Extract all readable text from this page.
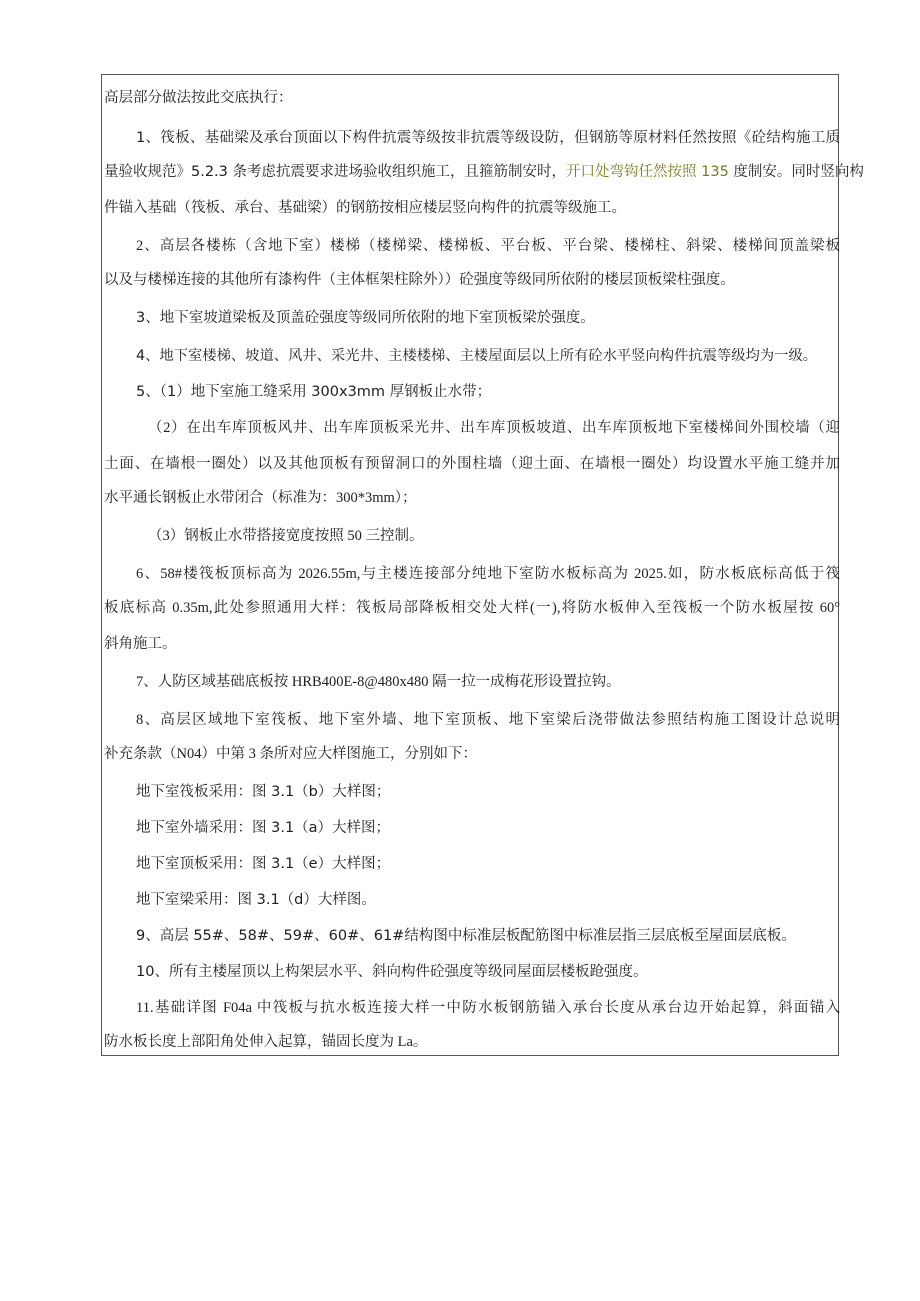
高层部分做法按此交底执行：
1、筏板、基础梁及承台顶面以下构件抗震等级按非抗震等级设防，但钢筋等原材料任然按照《砼结构施工质
量验收规范》5.2.3 条考虑抗震要求进场验收组织施工，且箍筋制安时，开口处弯钩任然按照 135 度制安。同时竖向构
件锚入基础（筏板、承台、基础梁）的钢筋按相应楼层竖向构件的抗震等级施工。
2、高层各楼栋（含地下室）楼梯（楼梯梁、楼梯板、平台板、平台梁、楼梯柱、斜梁、楼梯间顶盖梁板
以及与楼梯连接的其他所有漆构件（主体框架柱除外））砼强度等级同所依附的楼层顶板梁柱强度。
3、地下室坡道梁板及顶盖砼强度等级同所依附的地下室顶板梁於强度。
4、地下室楼梯、坡道、风井、采光井、主楼楼梯、主楼屋面层以上所有砼水平竖向构件抗震等级均为一级。
5、（1）地下室施工缝采用 300x3mm 厚钢板止水带；
（2）在出车库顶板风井、出车库顶板采光井、出车库顶板坡道、出车库顶板地下室楼梯间外围校墙（迎
土面、在墙根一圈处）以及其他顶板有预留洞口的外围柱墙（迎土面、在墙根一圈处）均设置水平施工缝并加
水平通长钢板止水带闭合（标准为：300*3mm）；
（3）钢板止水带搭接宽度按照 50 三控制。
6、58#楼筏板顶标高为 2026.55m,与主楼连接部分纯地下室防水板标高为 2025.如，防水板底标高低于筏
板底标高 0.35m,此处参照通用大样：筏板局部降板相交处大样(一),将防水板伸入至筏板一个防水板屋按 60°
斜角施工。
7、人防区域基础底板按 HRB400E-8@480x480 隔一拉一成梅花形设置拉钩。
8、高层区域地下室筏板、地下室外墙、地下室顶板、地下室梁后浇带做法参照结构施工图设计总说明
补充条款（N04）中第 3 条所对应大样图施工，分别如下：
地下室筏板采用：图 3.1（b）大样图；
地下室外墙采用：图 3.1（a）大样图；
地下室顶板采用：图 3.1（e）大样图；
地下室梁采用：图 3.1（d）大样图。
9、高层 55#、58#、59#、60#、61#结构图中标准层板配筋图中标准层指三层底板至屋面层底板。
10、所有主楼屋顶以上构架层水平、斜向构件砼强度等级同屋面层楼板跄强度。
11.基础详图 F04a 中筏板与抗水板连接大样一中防水板钢筋锚入承台长度从承台边开始起算，斜面锚入
防水板长度上部阳角处伸入起算，锚固长度为 La。
